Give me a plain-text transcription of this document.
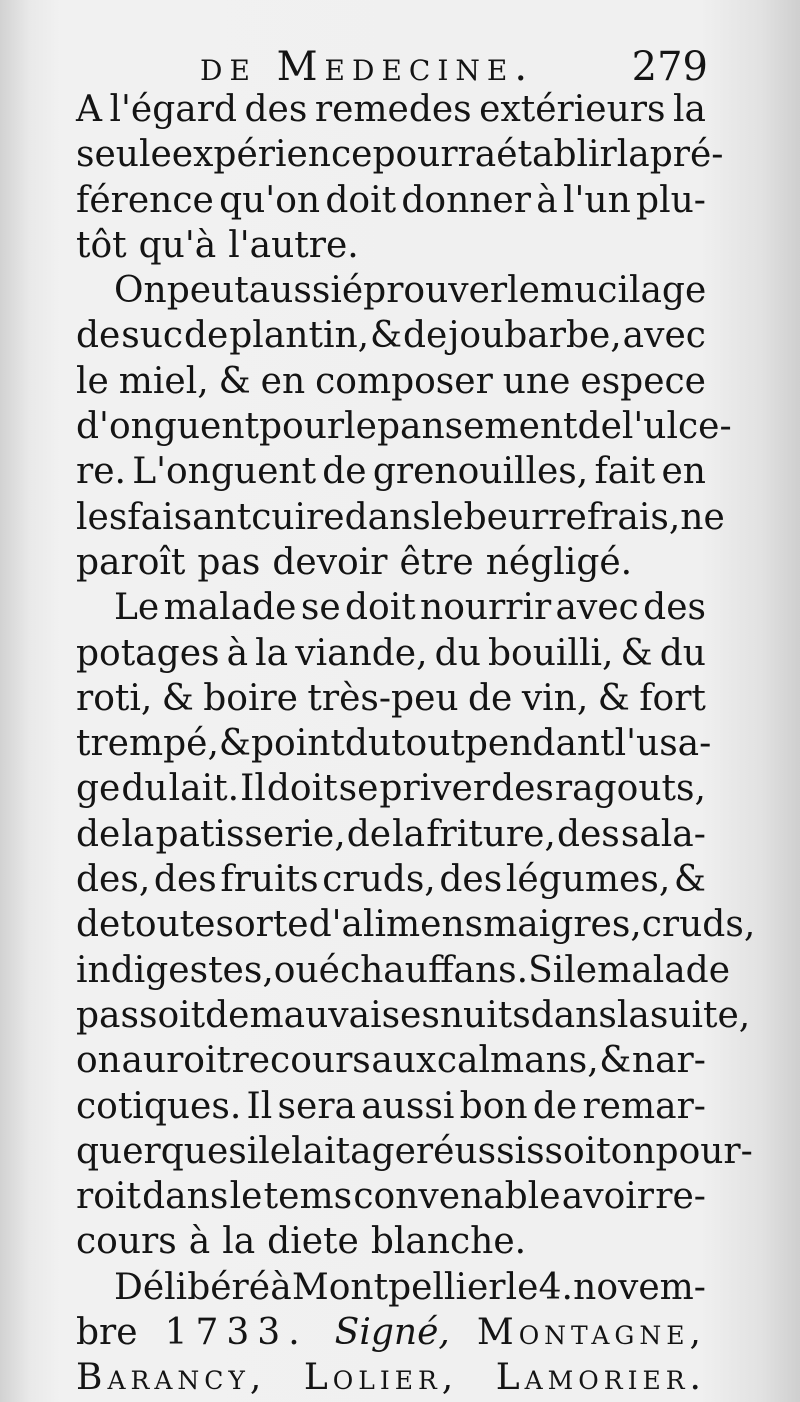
de Medecine. 279
A l'égard des remedes extérieurs la
seule expérience pourra établir la pré-
férence qu'on doit donner à l'un plu-
tôt qu'à l'autre.
On peut aussi éprouver le mucilage
de suc de plantin, & de joubarbe, avec
le miel, & en composer une espece
d'onguent pour le pansement de l'ulce-
re. L'onguent de grenouilles, fait en
les faisant cuire dans le beurre frais, ne
paroît pas devoir être négligé.
Le malade se doit nourrir avec des
potages à la viande, du bouilli, & du
roti, & boire très-peu de vin, & fort
trempé, & point du tout pendant l'usa-
ge du lait. Il doit se priver des ragouts,
de la patisserie, de la friture, des sala-
des, des fruits cruds, des légumes, &
de toute sorte d'alimens maigres, cruds,
indigestes, ou échauffans. Si le malade
passoit de mauvaises nuits dans la suite,
on auroit recours aux calmans, & nar-
cotiques. Il sera aussi bon de remar-
quer que si le laitage réussissoit on pour-
roit dans le tems convenable avoir re-
cours à la diete blanche.
Délibéré à Montpellier le 4. novem-
bre 1733. Signé, Montagne,
Barancy, Lolier, Lamorier.
